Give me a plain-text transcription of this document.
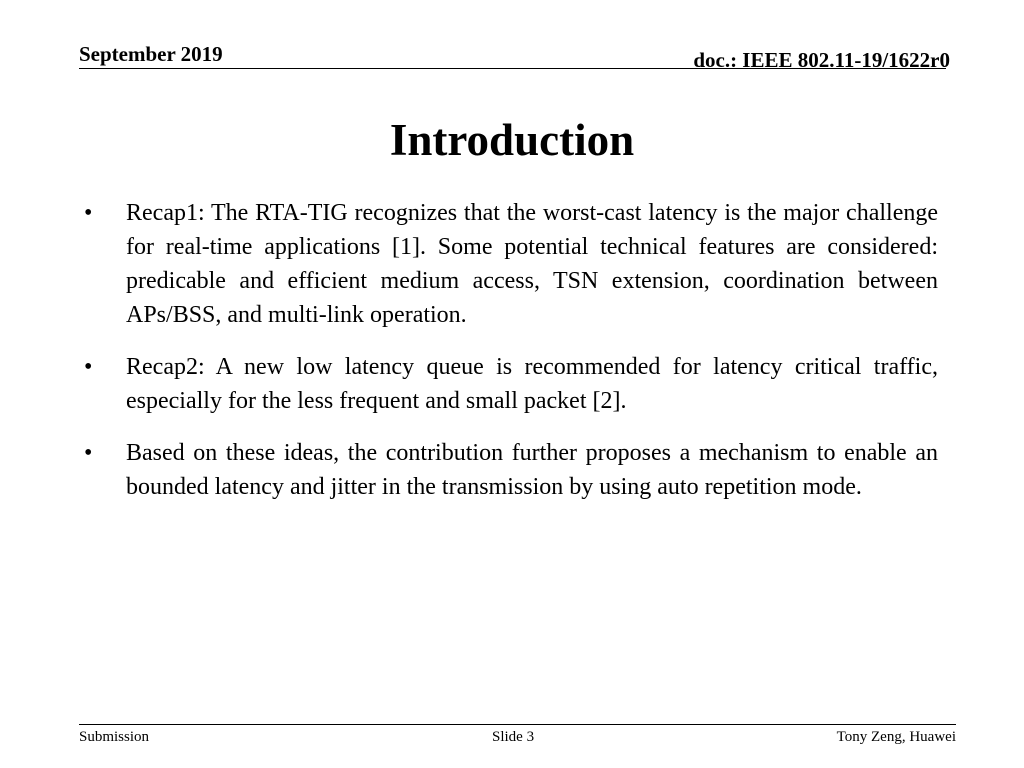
September 2019	doc.: IEEE 802.11-19/1622r0
Introduction
• Recap1: The RTA-TIG recognizes that the worst-cast latency is the major challenge for real-time applications [1]. Some potential technical features are considered: predicable and efficient medium access, TSN extension, coordination between APs/BSS, and multi-link operation.
• Recap2: A new low latency queue is recommended for latency critical traffic, especially for the less frequent and small packet [2].
• Based on these ideas, the contribution further proposes a mechanism to enable an bounded latency and jitter in the transmission by using auto repetition mode.
Submission	Slide 3	Tony Zeng, Huawei
